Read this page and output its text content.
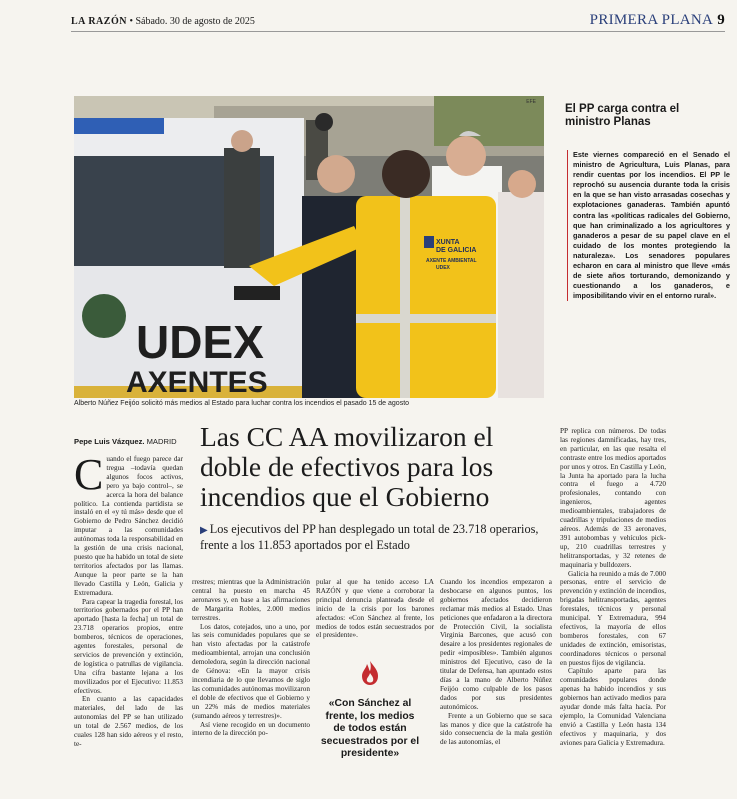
LA RAZÓN • Sábado. 30 de agosto de 2025	PRIMERA PLANA 9
UDEX
AXENTES
XUNTA
DE GALICIA
AXENTE AMBIENTAL
UDEX
EFE
Alberto Núñez Feijóo solicitó más medios al Estado para luchar contra los incendios el pasado 15 de agosto
El PP carga contra el ministro Planas
Este viernes compareció en el Senado el ministro de Agricultura, Luis Planas, para rendir cuentas por los incendios. El PP le reprochó su ausencia durante toda la crisis en la que se han visto arrasadas cosechas y explotaciones ganaderas. También apuntó contra las «políticas radicales del Gobierno, que han criminalizado a los agricultores y ganaderos a pesar de su papel clave en el cuidado de los montes protegiendo la naturaleza». Los senadores populares echaron en cara al ministro que lleve «más de siete años torturando, demonizando y cuestionando a los ganaderos, e imposibilitando vivir en el entorno rural».
Pepe Luis Vázquez. MADRID Las CC AA movilizaron el doble de efectivos para los incendios que el Gobierno
▶ Los ejecutivos del PP han desplegado un total de 23.718 operarios, frente a los 11.853 aportados por el Estado

Cuando el fuego parece dar tregua –todavía quedan algunos focos activos, pero ya bajo control–, se acerca la hora del balance político. La contienda partidista se instaló en el «y tú más» desde que el Gobierno de Pedro Sánchez decidió imputar a las comunidades autónomas toda la responsabilidad en la gestión de una crisis nacional, puesto que ha habido un total de siete territorios afectados por las llamas. Aunque la peor parte se la han llevado Castilla y León, Galicia y Extremadura.

Para capear la tragedia forestal, los territorios gobernados por el PP han aportado [hasta la fecha] un total de 23.718 operarios propios, entre bomberos, técnicos de operaciones, agentes forestales, personal de servicios de prevención y extinción, de logística o patrullas de vigilancia. Una cifra bastante lejana a los movilizados por el Ejecutivo: 11.853 efectivos.

En cuanto a las capacidades materiales, del lado de las autonomías del PP se han utilizado un total de 2.567 medios, de los cuales 128 han sido aéreos y el resto, te-

rrestres; mientras que la Administración central ha puesto en marcha 45 aeronaves y, en base a las afirmaciones de Margarita Robles, 2.000 medios terrestres.

Los datos, cotejados, uno a uno, por las seis comunidades populares que se han visto afectadas por la catástrofe medioambiental, arrojan una conclusión demoledora, según la dirección nacional de Génova: «En la mayor crisis incendiaria de lo que llevamos de siglo las comunidades autónomas movilizaron el doble de efectivos que el Gobierno y un 22% más de medios materiales (sumando aéreos y terrestres)».

Así viene recogido en un documento interno de la dirección po-

pular al que ha tenido acceso LA RAZÓN y que viene a corroborar la principal denuncia planteada desde el inicio de la crisis por los barones afectados: «Con Sánchez al frente, los medios de todos están secuestrados por el presidente».

«Con Sánchez al frente, los medios de todos están secuestrados por el presidente»

Cuando los incendios empezaron a desbocarse en algunos puntos, los gobiernos afectados decidieron reclamar más medios al Estado. Unas peticiones que enfadaron a la directora de Protección Civil, la socialista Virginia Barcones, que acusó con desaire a los presidentes regionales de pedir «imposibles». También algunos ministros del Ejecutivo, caso de la titular de Defensa, han apuntado estos días a la mano de Alberto Núñez Feijóo como culpable de los pasos dados por sus presidentes autonómicos.

Frente a un Gobierno que se saca las manos y dice que la catástrofe ha sido consecuencia de la mala gestión de las autonomías, el

PP replica con números. De todas las regiones damnificadas, hay tres, en particular, en las que resalta el contraste entre los medios aportados por unos y otros. En Castilla y León, la Junta ha aportado para la lucha contra el fuego a 4.720 profesionales, contando con ingenieros, agentes medioambientales, trabajadores de cuadrillas y tripulaciones de medios aéreos. Además de 33 aeronaves, 391 autobombas y vehículos pick-up, 210 cuadrillas terrestres y helitransportadas, y 32 retenes de maquinaria y bulldozers.

Galicia ha reunido a más de 7.000 personas, entre el servicio de prevención y extinción de incendios, brigadas helitransportadas, agentes forestales, técnicos y personal municipal. Y Extremadura, 994 efectivos, la mayoría de ellos bomberos forestales, con 67 unidades de extinción, emisoristas, coordinadores técnicos o personal en puestos fijos de vigilancia.

Capítulo aparte para las comunidades populares donde apenas ha habido incendios y sus gobiernos han activado medios para ayudar donde más falta hacía. Por ejemplo, la Comunidad Valenciana envió a Castilla y León hasta 134 efectivos y maquinaria, y dos aviones para Galicia y Extremadura.
